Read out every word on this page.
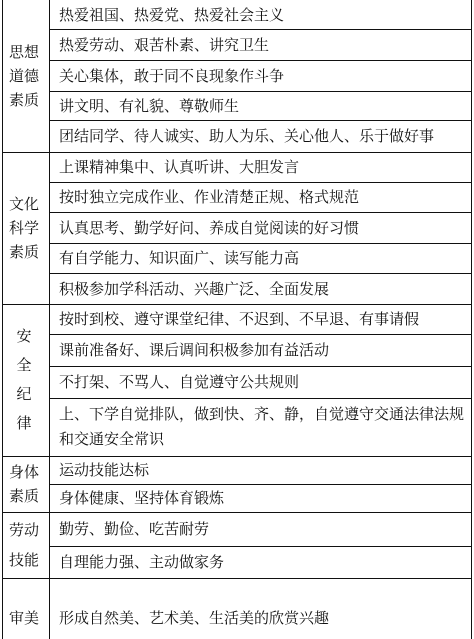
思想
道德
素质
热爱祖国、热爱党、热爱社会主义
热爱劳动、艰苦朴素、讲究卫生
关心集体，敢于同不良现象作斗争
讲文明、有礼貌、尊敬师生
团结同学、待人诚实、助人为乐、关心他人、乐于做好事
文化
科学
素质
上课精神集中、认真听讲、大胆发言
按时独立完成作业、作业清楚正规、格式规范
认真思考、勤学好问、养成自觉阅读的好习惯
有自学能力、知识面广、读写能力高
积极参加学科活动、兴趣广泛、全面发展
安
全
纪
律
按时到校、遵守课堂纪律、不迟到、不早退、有事请假
课前准备好、课后调间积极参加有益活动
不打架、不骂人、自觉遵守公共规则
上、下学自觉排队，做到快、齐、静，自觉遵守交通法律法规和交通安全常识
身体
素质
运动技能达标
身体健康、坚持体育锻炼
劳动
技能
勤劳、勤俭、吃苦耐劳
自理能力强、主动做家务
审美 形成自然美、艺术美、生活美的欣赏兴趣
